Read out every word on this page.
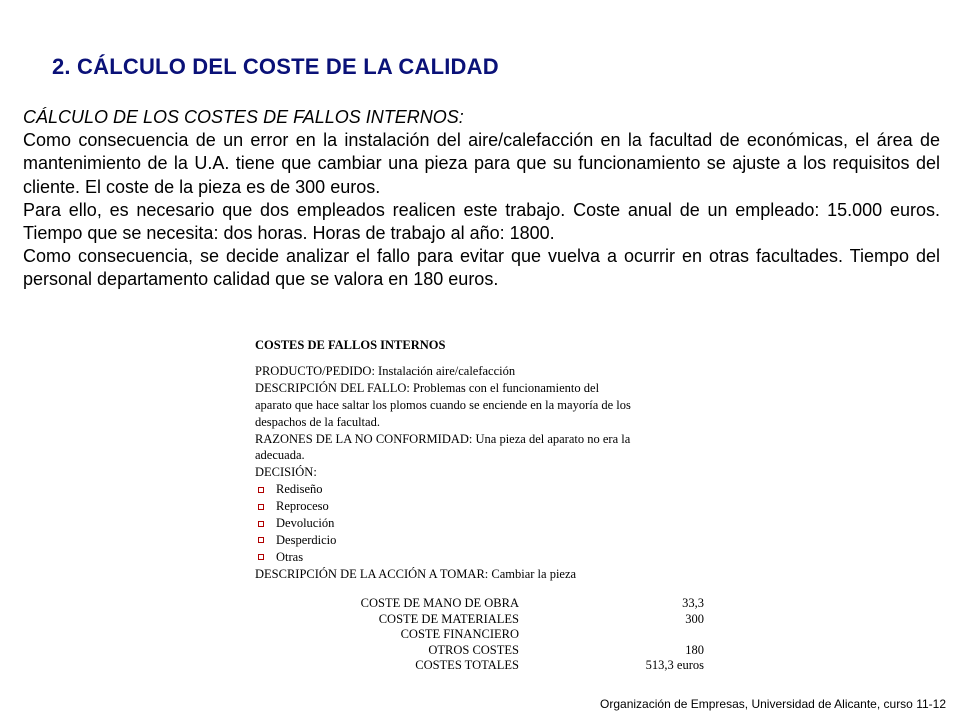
2. CÁLCULO DEL COSTE DE LA CALIDAD

CÁLCULO DE LOS COSTES DE FALLOS INTERNOS:

Como consecuencia de un error en la instalación del aire/calefacción en la facultad de económicas, el área de mantenimiento de la U.A. tiene que cambiar una pieza para que su funcionamiento se ajuste a los requisitos del cliente. El coste de la pieza es de 300 euros.

Para ello, es necesario que dos empleados realicen este trabajo. Coste anual de un empleado: 15.000 euros. Tiempo que se necesita: dos horas. Horas de trabajo al año: 1800.

Como consecuencia, se decide analizar el fallo para evitar que vuelva a ocurrir en otras facultades. Tiempo del personal departamento calidad que se valora en 180 euros.

COSTES DE FALLOS INTERNOS
PRODUCTO/PEDIDO: Instalación aire/calefacción
DESCRIPCIÓN DEL FALLO: Problemas con el funcionamiento del
aparato que hace saltar los plomos cuando se enciende en la mayoría de los
despachos de la facultad.
RAZONES DE LA NO CONFORMIDAD: Una pieza del aparato no era la
adecuada.
DECISIÓN:
Rediseño
Reproceso
Devolución
Desperdicio
Otras
DESCRIPCIÓN DE LA ACCIÓN A TOMAR: Cambiar la pieza
COSTE DE MANO DE OBRA	33,3
COSTE DE MATERIALES	300
COSTE FINANCIERO	
OTROS COSTES	180
COSTES TOTALES	513,3 euros
Organización de Empresas, Universidad de Alicante, curso 11-12
